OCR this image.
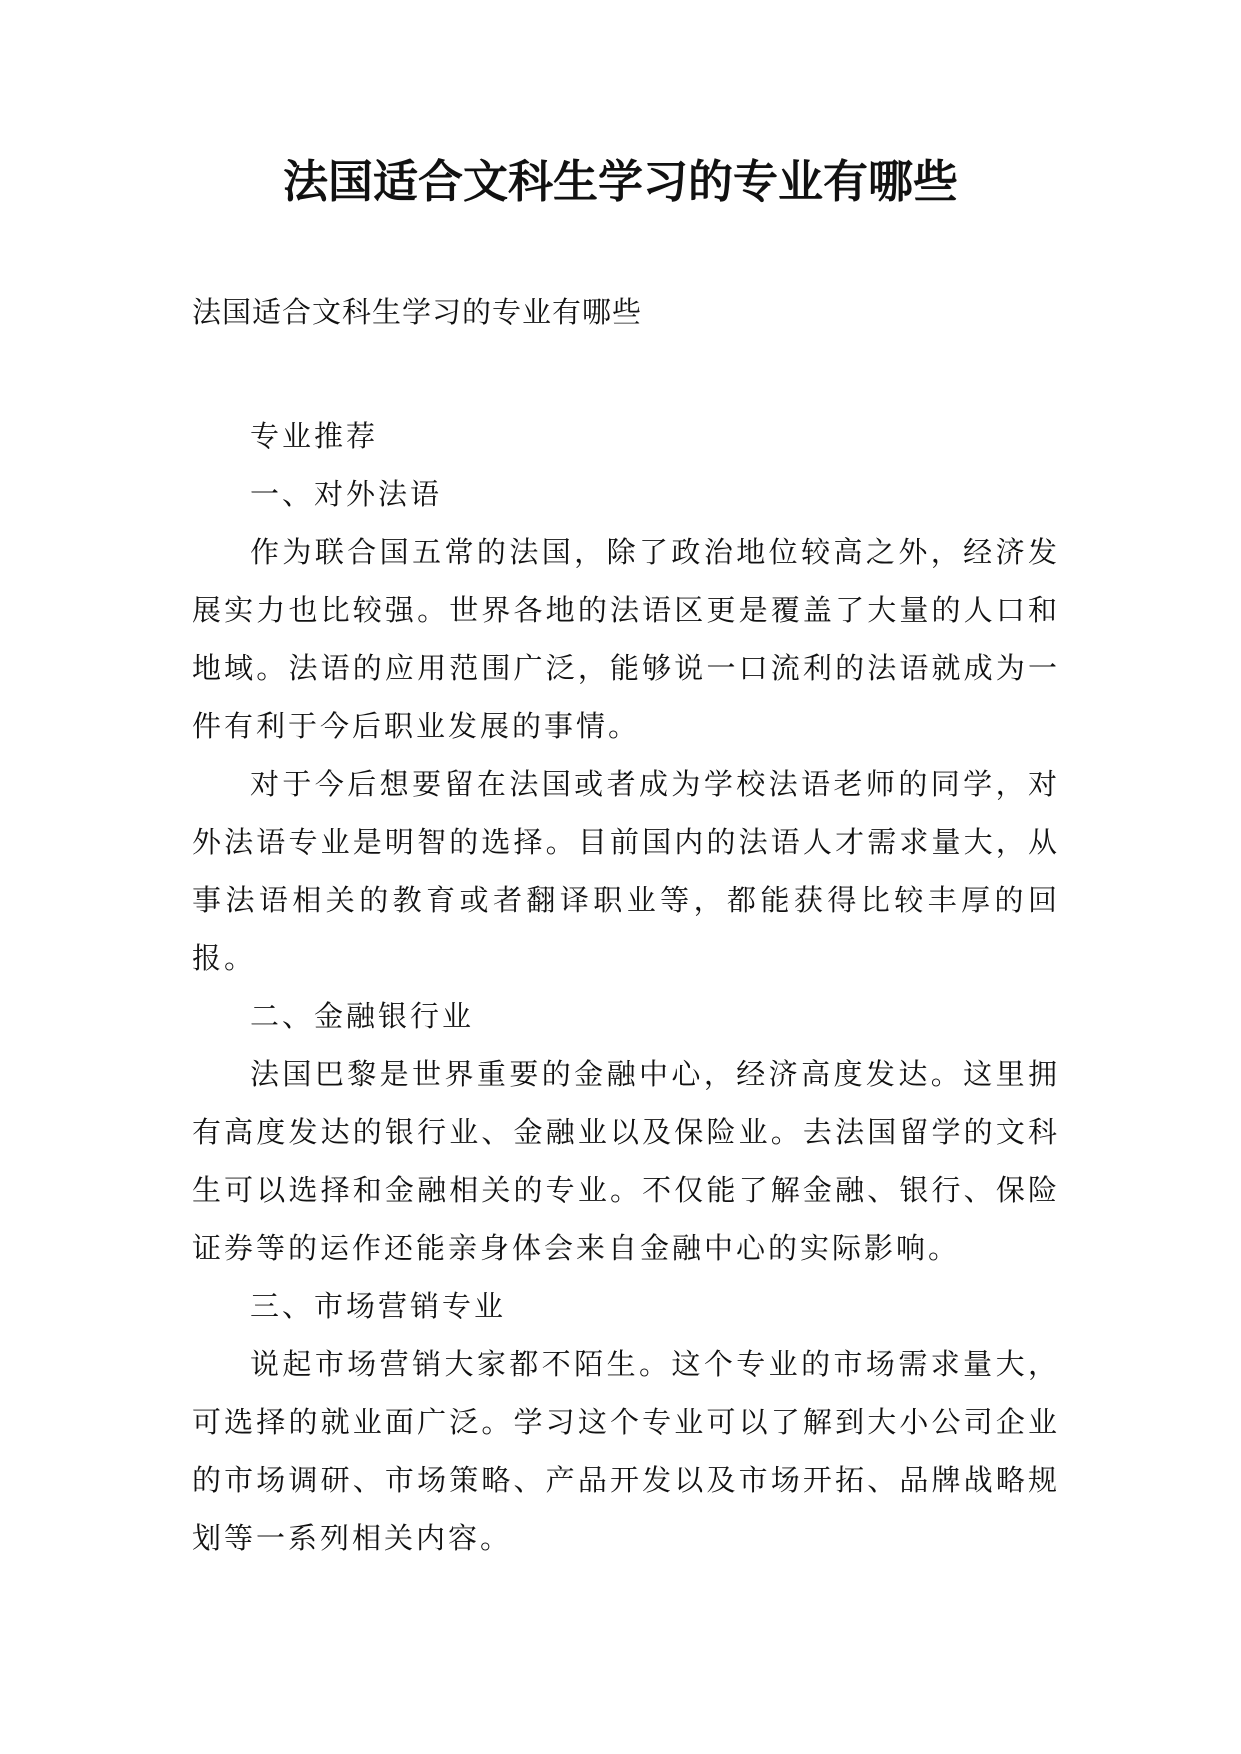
法国适合文科生学习的专业有哪些

法国适合文科生学习的专业有哪些

专业推荐

一、对外法语

作为联合国五常的法国，除了政治地位较高之外，经济发展实力也比较强。世界各地的法语区更是覆盖了大量的人口和地域。法语的应用范围广泛，能够说一口流利的法语就成为一件有利于今后职业发展的事情。

对于今后想要留在法国或者成为学校法语老师的同学，对外法语专业是明智的选择。目前国内的法语人才需求量大，从事法语相关的教育或者翻译职业等，都能获得比较丰厚的回报。

二、金融银行业

法国巴黎是世界重要的金融中心，经济高度发达。这里拥有高度发达的银行业、金融业以及保险业。去法国留学的文科生可以选择和金融相关的专业。不仅能了解金融、银行、保险证券等的运作还能亲身体会来自金融中心的实际影响。

三、市场营销专业

说起市场营销大家都不陌生。这个专业的市场需求量大，可选择的就业面广泛。学习这个专业可以了解到大小公司企业的市场调研、市场策略、产品开发以及市场开拓、品牌战略规划等一系列相关内容。
